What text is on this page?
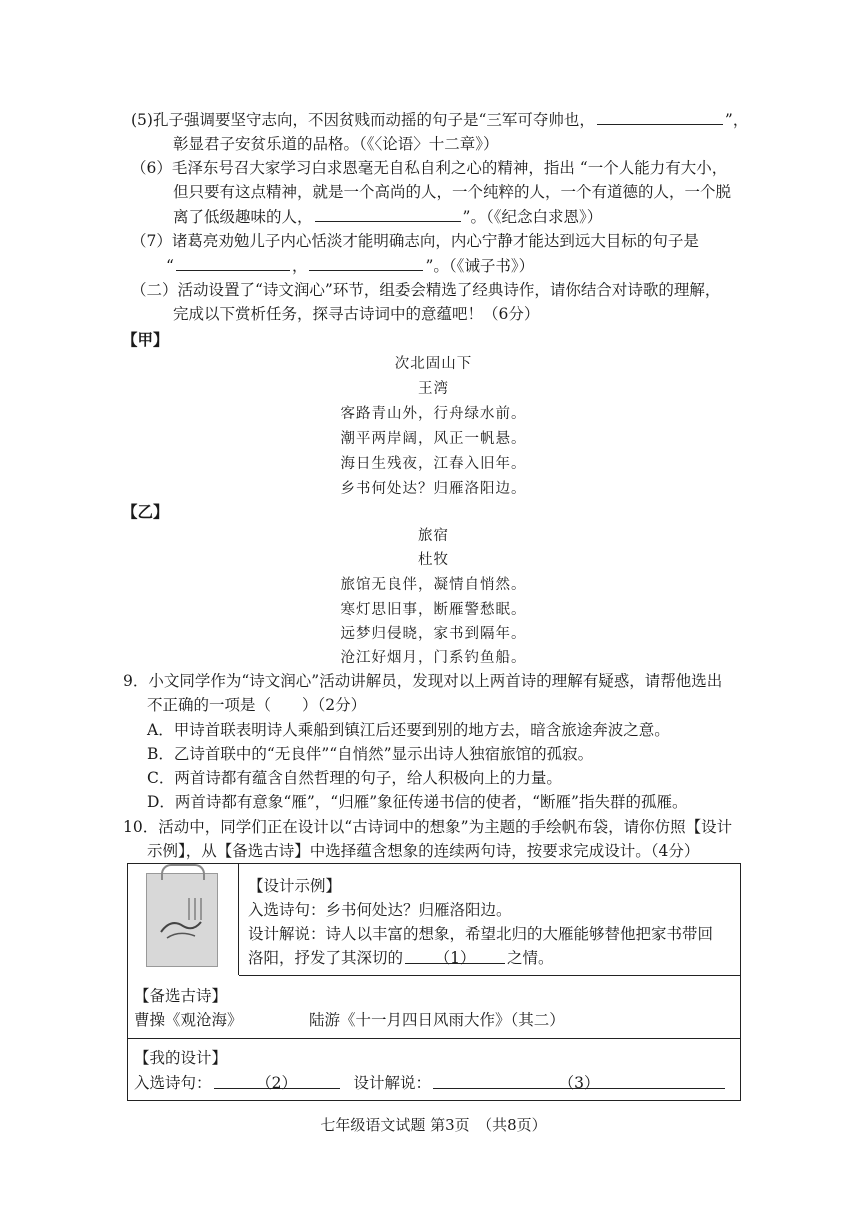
(5)孔子强调要坚守志向，不因贫贱而动摇的句子是“三军可夺帅也，	”，
彰显君子安贫乐道的品格。（《〈论语〉十二章》）
（6）毛泽东号召大家学习白求恩毫无自私自利之心的精神，指出 “一个人能力有大小，
但只要有这点精神，就是一个高尚的人，一个纯粹的人，一个有道德的人，一个脱
离了低级趣味的人，	”。（《纪念白求恩》）
（7）诸葛亮劝勉儿子内心恬淡才能明确志向，内心宁静才能达到远大目标的句子是
“	，	”。（《诫子书》）
（二）活动设置了“诗文润心”环节，组委会精选了经典诗作，请你结合对诗歌的理解，
完成以下赏析任务，探寻古诗词中的意蕴吧！（6分）
【甲】
次北固山下
王湾
客路青山外，行舟绿水前。
潮平两岸阔，风正一帆悬。
海日生残夜，江春入旧年。
乡书何处达？归雁洛阳边。
【乙】
旅宿
杜牧
旅馆无良伴，凝情自悄然。
寒灯思旧事，断雁警愁眠。
远梦归侵晓，家书到隔年。
沧江好烟月，门系钓鱼船。
9．小文同学作为“诗文润心”活动讲解员，发现对以上两首诗的理解有疑惑，请帮他选出
不正确的一项是（　　）（2分）
A．甲诗首联表明诗人乘船到镇江后还要到别的地方去，暗含旅途奔波之意。
B．乙诗首联中的“无良伴”“自悄然”显示出诗人独宿旅馆的孤寂。
C．两首诗都有蕴含自然哲理的句子，给人积极向上的力量。
D．两首诗都有意象“雁”，“归雁”象征传递书信的使者，“断雁”指失群的孤雁。
10．活动中，同学们正在设计以“古诗词中的想象”为主题的手绘帆布袋，请你仿照【设计
示例】，从【备选古诗】中选择蕴含想象的连续两句诗，按要求完成设计。（4分）
【设计示例】
入选诗句：乡书何处达？归雁洛阳边。
设计解说：诗人以丰富的想象，希望北归的大雁能够替他把家书带回
洛阳，抒发了其深切的 （1） 之情。
【备选古诗】
曹操《观沧海》	陆游《十一月四日风雨大作》（其二）
【我的设计】
入选诗句：	（2）	设计解说：	（3）
七年级语文试题 第3页　（共8页）
